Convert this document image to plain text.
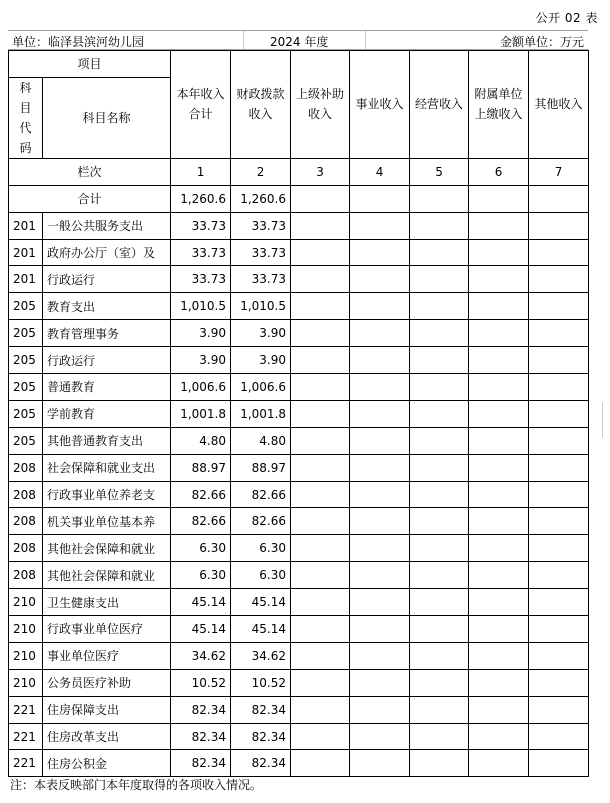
公开 02 表
单位：临泽县滨河幼儿园	2024 年度	金额单位：万元
项目		本年收入合计	财政拨款收入	上级补助收入	事业收入	经营收入	附属单位上缴收入	其他收入

科
目
代
码	科目名称							

栏次		1	2	3	4	5	6	7
合计		1,260.6	1,260.6					
201	一般公共服务支出	33.73	33.73					
201	政府办公厅（室）及	33.73	33.73					
201	行政运行	33.73	33.73					
205	教育支出	1,010.5	1,010.5					
205	教育管理事务	3.90	3.90					
205	行政运行	3.90	3.90					
205	普通教育	1,006.6	1,006.6					
205	学前教育	1,001.8	1,001.8					
205	其他普通教育支出	4.80	4.80					
208	社会保障和就业支出	88.97	88.97					
208	行政事业单位养老支	82.66	82.66					
208	机关事业单位基本养	82.66	82.66					
208	其他社会保障和就业	6.30	6.30					
208	其他社会保障和就业	6.30	6.30					
210	卫生健康支出	45.14	45.14					
210	行政事业单位医疗	45.14	45.14					
210	事业单位医疗	34.62	34.62					
210	公务员医疗补助	10.52	10.52					
221	住房保障支出	82.34	82.34					
221	住房改革支出	82.34	82.34					
221	住房公积金	82.34	82.34					
注：本表反映部门本年度取得的各项收入情况。
